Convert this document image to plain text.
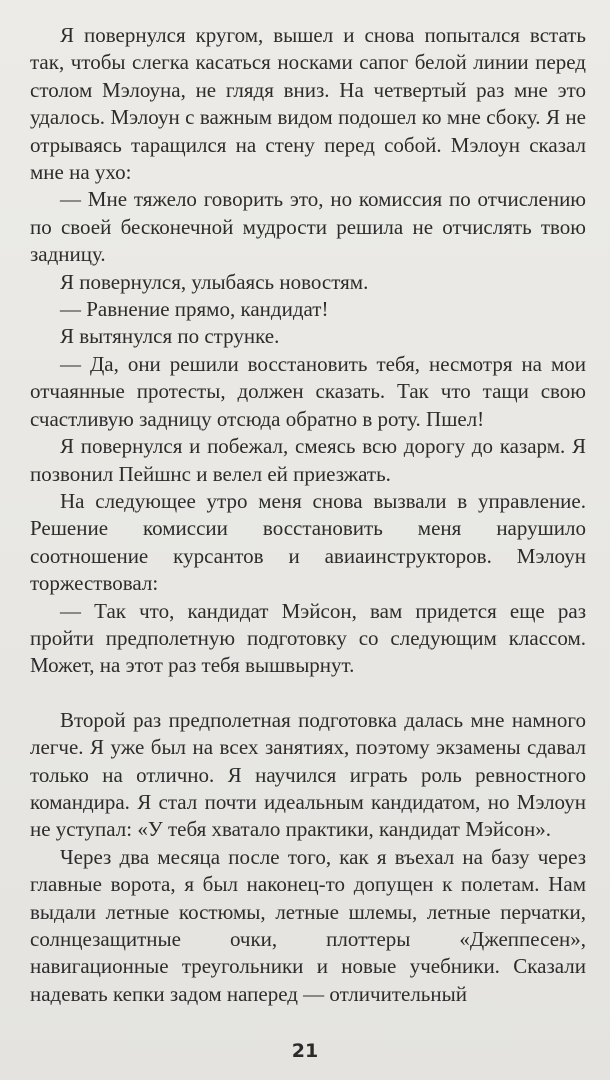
Я повернулся кругом, вышел и снова попытался встать так, чтобы слегка касаться носками сапог белой линии перед столом Мэлоуна, не глядя вниз. На четвертый раз мне это удалось. Мэлоун с важным видом подошел ко мне сбоку. Я не отрываясь таращился на стену перед собой. Мэлоун сказал мне на ухо:

— Мне тяжело говорить это, но комиссия по отчислению по своей бесконечной мудрости решила не отчислять твою задницу.

Я повернулся, улыбаясь новостям.

— Равнение прямо, кандидат!

Я вытянулся по струнке.

— Да, они решили восстановить тебя, несмотря на мои отчаянные протесты, должен сказать. Так что тащи свою счастливую задницу отсюда обратно в роту. Пшел!

Я повернулся и побежал, смеясь всю дорогу до казарм. Я позвонил Пейшнс и велел ей приезжать.

На следующее утро меня снова вызвали в управление. Решение комиссии восстановить меня нарушило соотношение курсантов и авиаинструкторов. Мэлоун торжествовал:

— Так что, кандидат Мэйсон, вам придется еще раз пройти предполетную подготовку со следующим классом. Может, на этот раз тебя вышвырнут.

Второй раз предполетная подготовка далась мне намного легче. Я уже был на всех занятиях, поэтому экзамены сдавал только на отлично. Я научился играть роль ревностного командира. Я стал почти идеальным кандидатом, но Мэлоун не уступал: «У тебя хватало практики, кандидат Мэйсон».

Через два месяца после того, как я въехал на базу через главные ворота, я был наконец-то допущен к полетам. Нам выдали летные костюмы, летные шлемы, летные перчатки, солнцезащитные очки, плоттеры «Джеппесен», навигационные треугольники и новые учебники. Сказали надевать кепки задом наперед — отличительный

21
